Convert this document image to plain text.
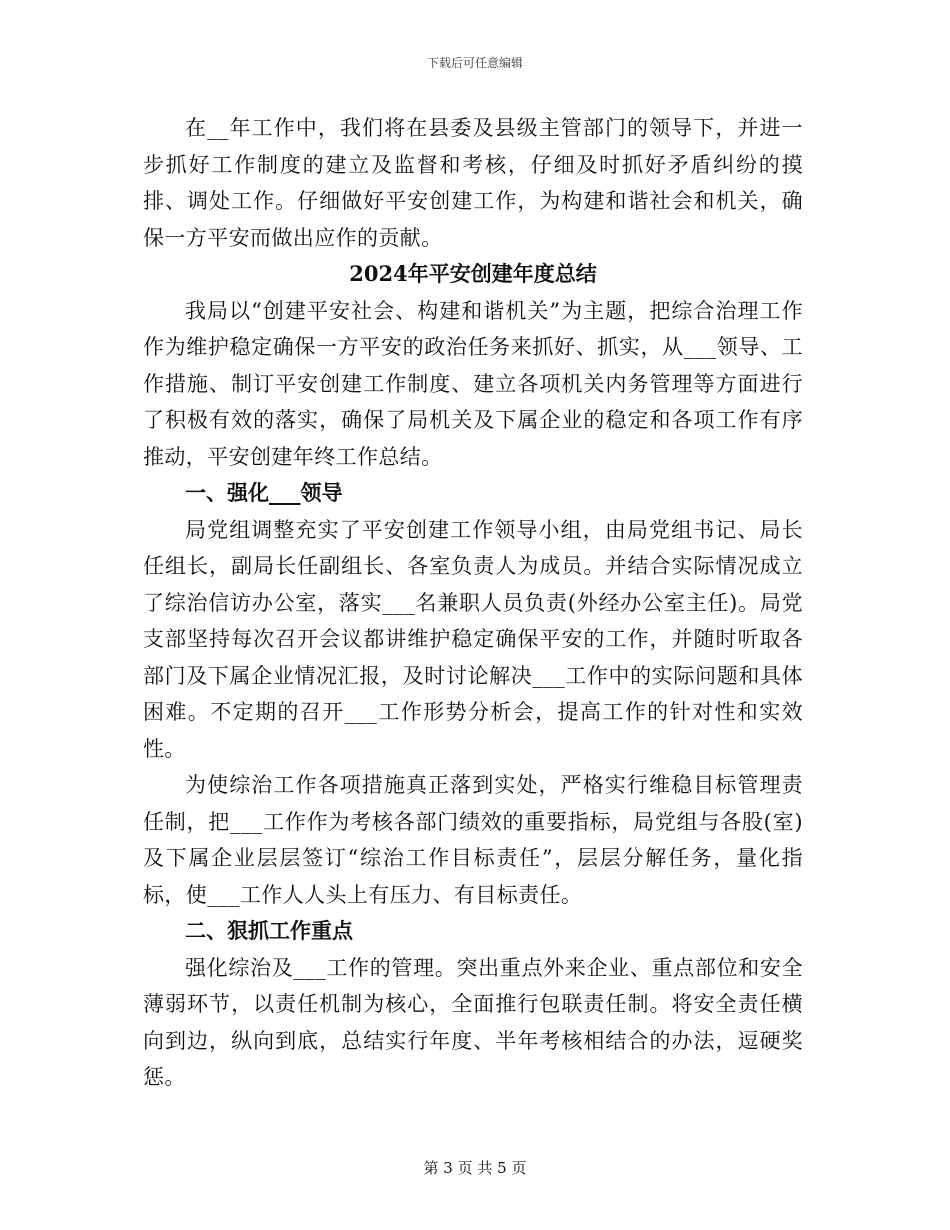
下载后可任意编辑

在__年工作中，我们将在县委及县级主管部门的领导下，并进一步抓好工作制度的建立及监督和考核，仔细及时抓好矛盾纠纷的摸排、调处工作。仔细做好平安创建工作，为构建和谐社会和机关，确保一方平安而做出应作的贡献。

2024年平安创建年度总结

我局以“创建平安社会、构建和谐机关”为主题，把综合治理工作作为维护稳定确保一方平安的政治任务来抓好、抓实，从___领导、工作措施、制订平安创建工作制度、建立各项机关内务管理等方面进行了积极有效的落实，确保了局机关及下属企业的稳定和各项工作有序推动，平安创建年终工作总结。

一、强化___领导

局党组调整充实了平安创建工作领导小组，由局党组书记、局长任组长，副局长任副组长、各室负责人为成员。并结合实际情况成立了综治信访办公室，落实___名兼职人员负责(外经办公室主任)。局党支部坚持每次召开会议都讲维护稳定确保平安的工作，并随时听取各部门及下属企业情况汇报，及时讨论解决___工作中的实际问题和具体困难。不定期的召开___工作形势分析会，提高工作的针对性和实效性。

为使综治工作各项措施真正落到实处，严格实行维稳目标管理责任制，把___工作作为考核各部门绩效的重要指标，局党组与各股(室)及下属企业层层签订“综治工作目标责任”，层层分解任务，量化指标，使___工作人人头上有压力、有目标责任。

二、狠抓工作重点

强化综治及___工作的管理。突出重点外来企业、重点部位和安全薄弱环节，以责任机制为核心，全面推行包联责任制。将安全责任横向到边，纵向到底，总结实行年度、半年考核相结合的办法，逗硬奖惩。

第 3 页 共 5 页
